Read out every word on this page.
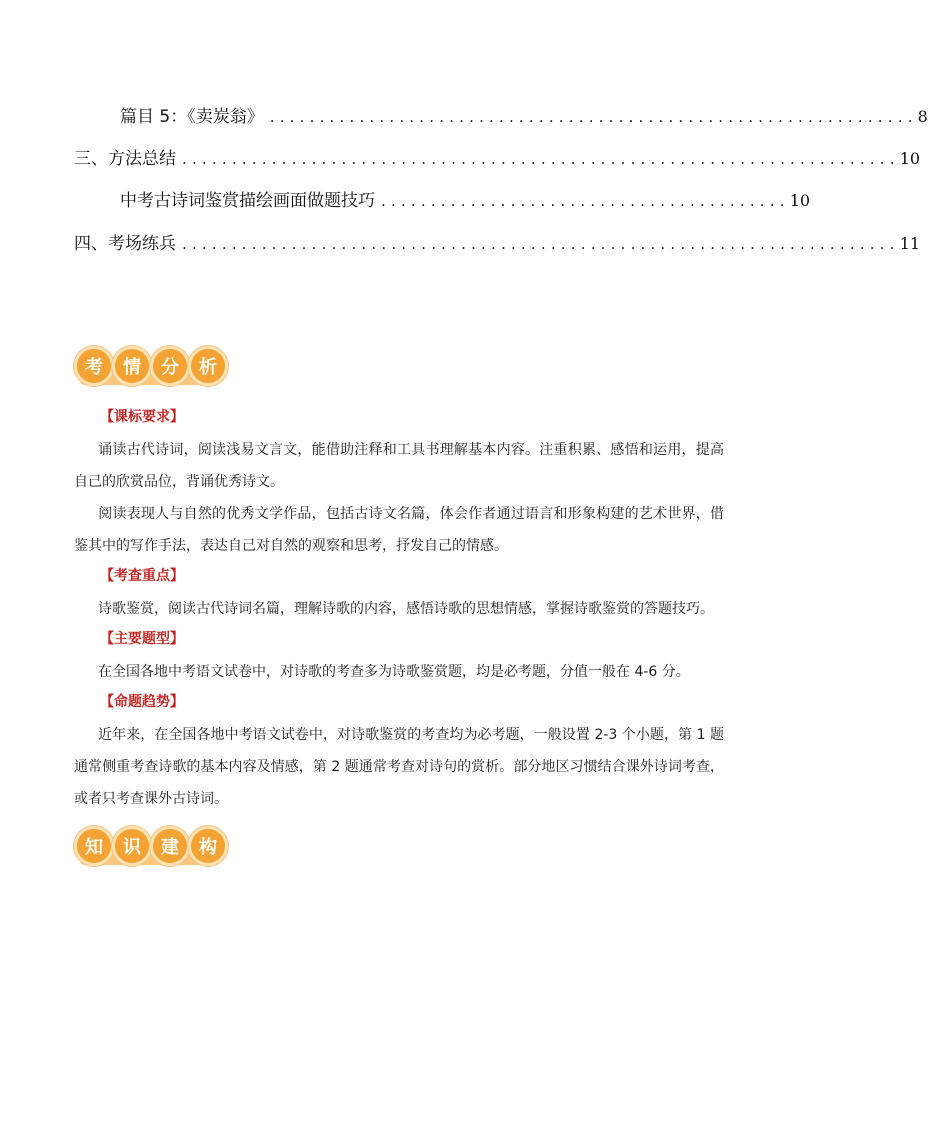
篇目 5：《卖炭翁》 ................................................................. 8
三、方法总结 ........................................................................ 10
中考古诗词鉴赏描绘画面做题技巧 ......................................... 10
四、考场练兵 ........................................................................ 11
考	情	分	析
【课标要求】
诵读古代诗词，阅读浅易文言文，能借助注释和工具书理解基本内容。注重积累、感悟和运用，提高自己的欣赏品位，背诵优秀诗文。
阅读表现人与自然的优秀文学作品，包括古诗文名篇，体会作者通过语言和形象构建的艺术世界，借鉴其中的写作手法，表达自己对自然的观察和思考，抒发自己的情感。
【考查重点】
诗歌鉴赏，阅读古代诗词名篇，理解诗歌的内容，感悟诗歌的思想情感，掌握诗歌鉴赏的答题技巧。
【主要题型】
在全国各地中考语文试卷中，对诗歌的考查多为诗歌鉴赏题，均是必考题，分值一般在 4-6 分。
【命题趋势】
近年来，在全国各地中考语文试卷中，对诗歌鉴赏的考查均为必考题，一般设置 2-3 个小题，第 1 题通常侧重考查诗歌的基本内容及情感，第 2 题通常考查对诗句的赏析。部分地区习惯结合课外诗词考查，或者只考查课外古诗词。
知	识	建	构
